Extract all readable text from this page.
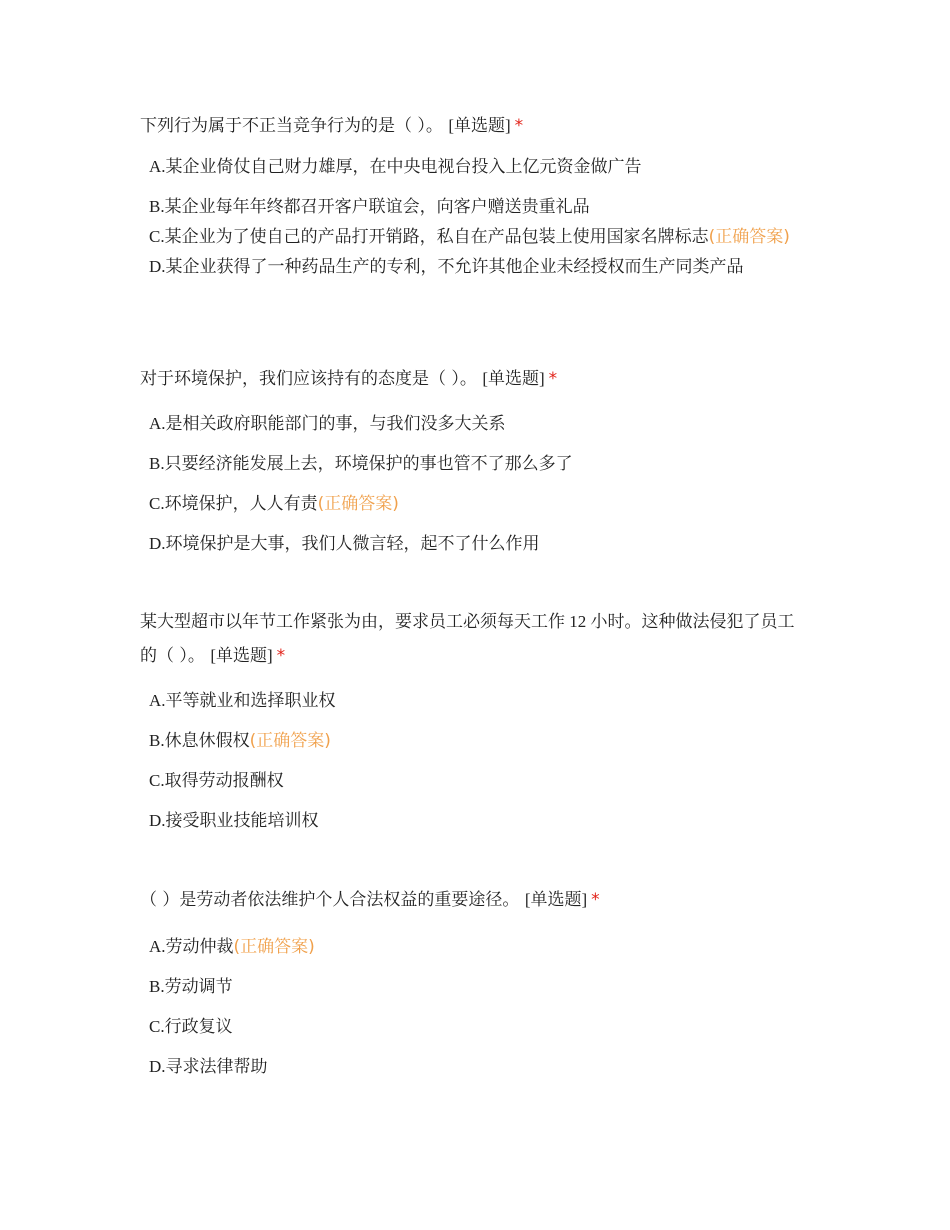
下列行为属于不正当竞争行为的是（ ）。 [单选题] *

A.某企业倚仗自己财力雄厚，在中央电视台投入上亿元资金做广告
B.某企业每年年终都召开客户联谊会，向客户赠送贵重礼品
C.某企业为了使自己的产品打开销路，私自在产品包装上使用国家名牌标志(正确答案)
D.某企业获得了一种药品生产的专利，不允许其他企业未经授权而生产同类产品

对于环境保护，我们应该持有的态度是（ ）。 [单选题] *

A.是相关政府职能部门的事，与我们没多大关系
B.只要经济能发展上去，环境保护的事也管不了那么多了
C.环境保护，人人有责(正确答案)
D.环境保护是大事，我们人微言轻，起不了什么作用

某大型超市以年节工作紧张为由，要求员工必须每天工作 12 小时。这种做法侵犯了员工的（ ）。 [单选题] *

A.平等就业和选择职业权
B.休息休假权(正确答案)
C.取得劳动报酬权
D.接受职业技能培训权

（ ）是劳动者依法维护个人合法权益的重要途径。 [单选题] *

A.劳动仲裁(正确答案)
B.劳动调节
C.行政复议
D.寻求法律帮助
